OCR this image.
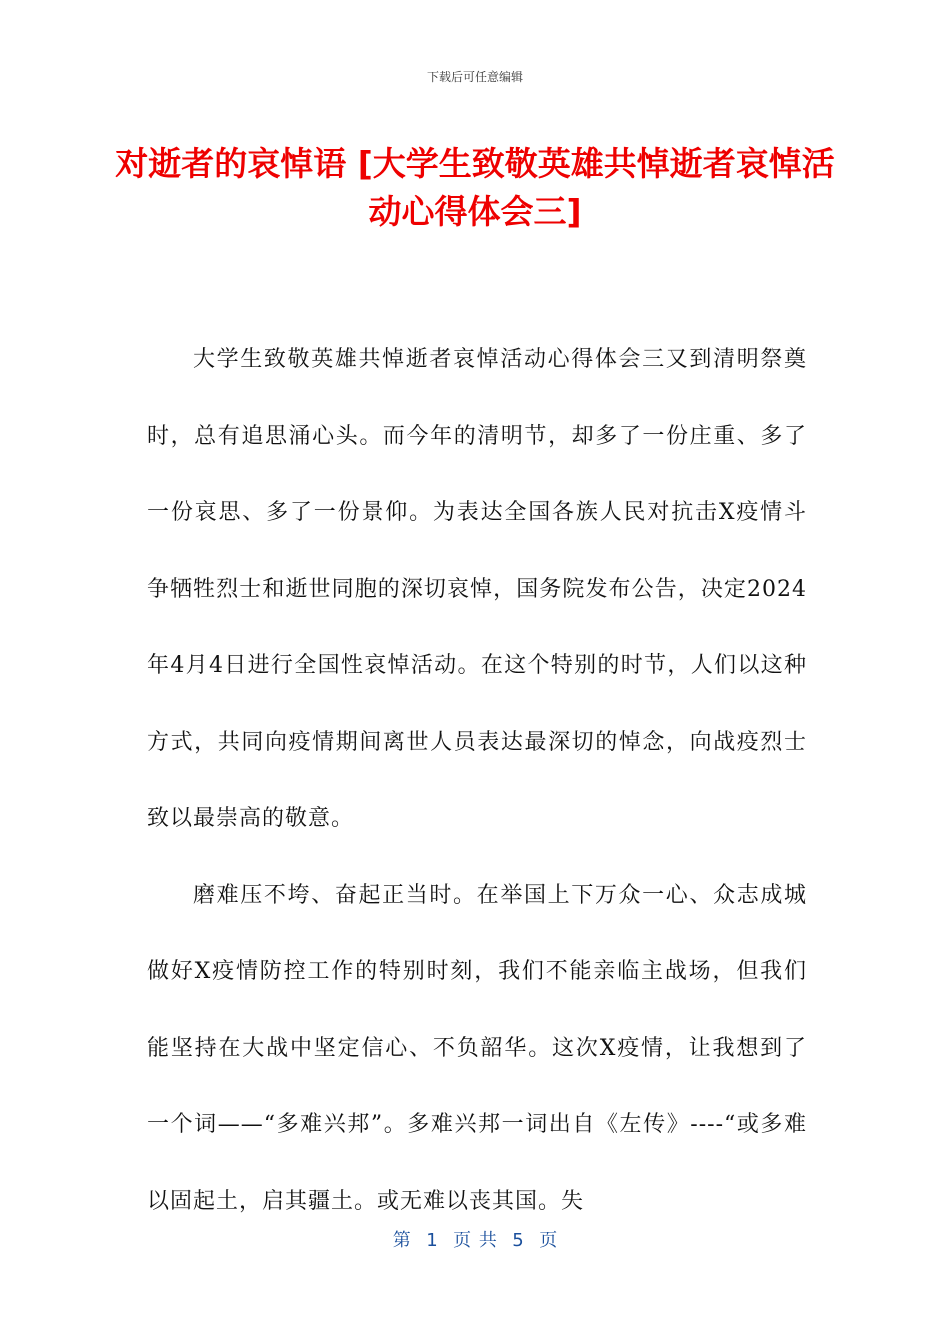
下载后可任意编辑
对逝者的哀悼语 [大学生致敬英雄共悼逝者哀悼活动心得体会三]

大学生致敬英雄共悼逝者哀悼活动心得体会三又到清明祭奠时，总有追思涌心头。而今年的清明节，却多了一份庄重、多了一份哀思、多了一份景仰。为表达全国各族人民对抗击X疫情斗争牺牲烈士和逝世同胞的深切哀悼，国务院发布公告，决定2024年4月4日进行全国性哀悼活动。在这个特别的时节，人们以这种方式，共同向疫情期间离世人员表达最深切的悼念，向战疫烈士致以最崇高的敬意。

磨难压不垮、奋起正当时。在举国上下万众一心、众志成城做好X疫情防控工作的特别时刻，我们不能亲临主战场，但我们能坚持在大战中坚定信心、不负韶华。这次X疫情，让我想到了一个词——“多难兴邦”。多难兴邦一词出自《左传》----“或多难以固起土，启其疆土。或无难以丧其国。失

第  1  页 共  5  页
